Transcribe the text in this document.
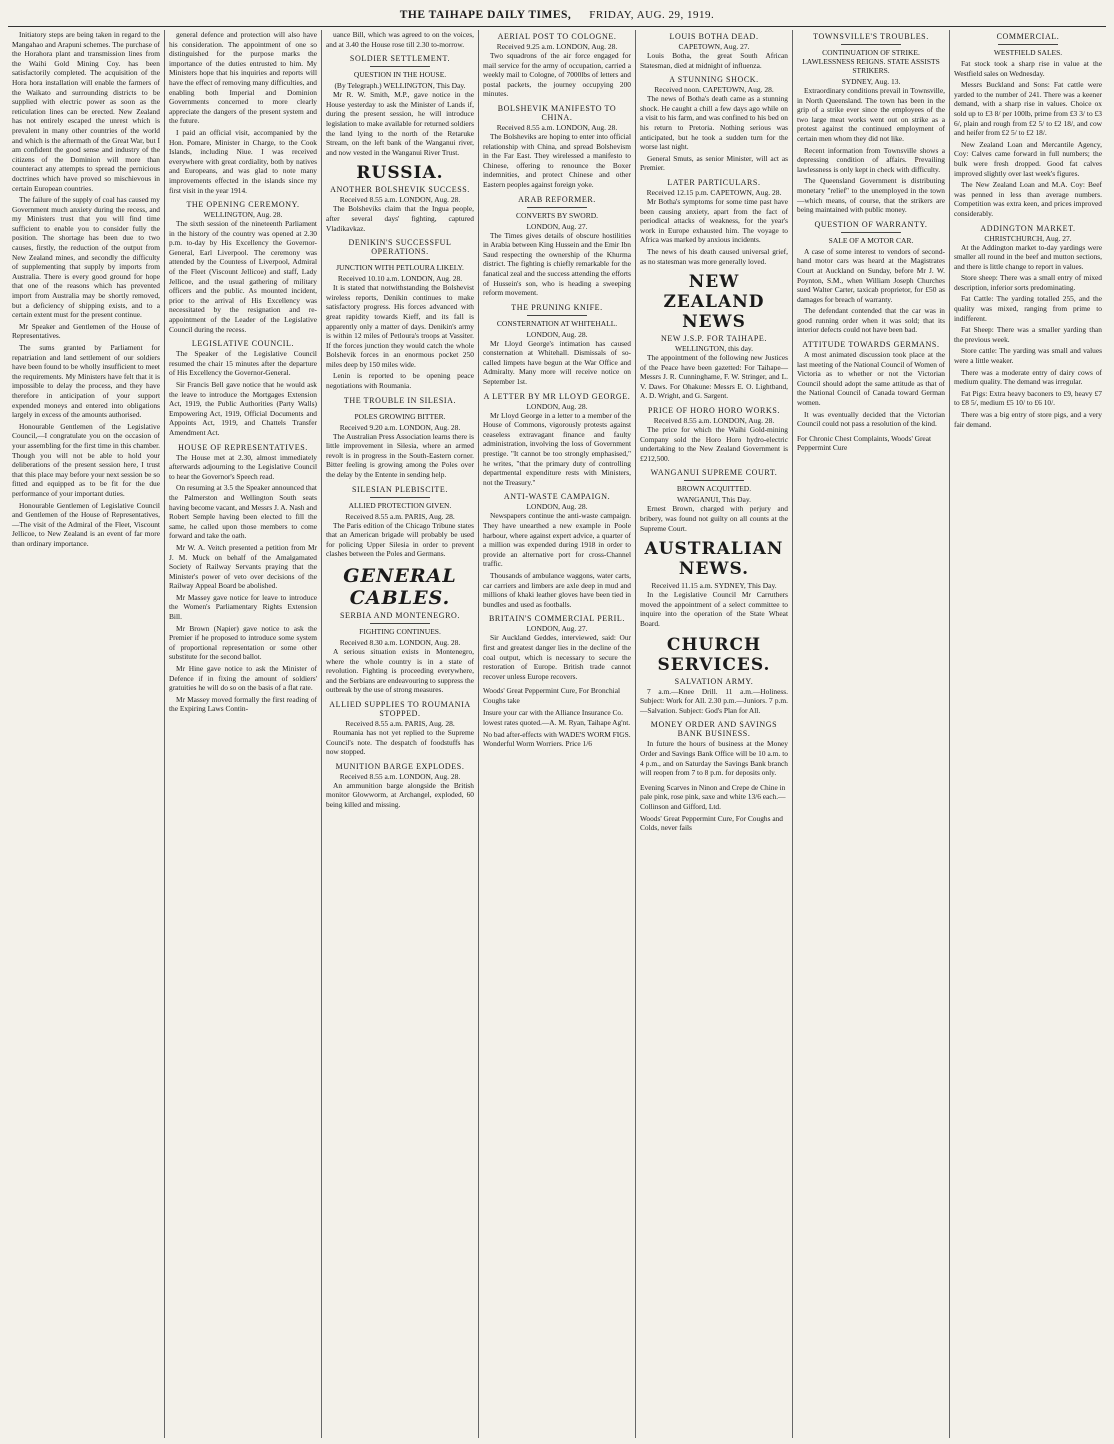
THE TAIHAPE DAILY TIMES, FRIDAY, AUG. 29, 1919.

Initiatory steps are being taken in regard to the Mangahao and Arapuni schemes. The purchase of the Horahora plant and transmission lines from the Waihi Gold Mining Coy. has been satisfactorily completed. The acquisition of the Hora hora installation will enable the farmers of the Waikato and surrounding districts to be supplied with electric power as soon as the reticulation lines can be erected. New Zealand has not entirely escaped the unrest which is prevalent in many other countries of the world and which is the aftermath of the Great War, but I am confident the good sense and industry of the citizens of the Dominion will more than counteract any attempts to spread the pernicious doctrines which have proved so mischievous in certain European countries.

The failure of the supply of coal has caused my Government much anxiety during the recess, and my Ministers trust that you will find time sufficient to enable you to consider fully the position. The shortage has been due to two causes, firstly, the reduction of the output from New Zealand mines, and secondly the difficulty of supplementing that supply by imports from Australia. There is every good ground for hope that one of the reasons which has prevented import from Australia may be shortly removed, but a deficiency of shipping exists, and to a certain extent must for the present continue.

Mr Speaker and Gentlemen of the House of Representatives.

The sums granted by Parliament for repatriation and land settlement of our soldiers have been found to be wholly insufficient to meet the requirements. My Ministers have felt that it is impossible to delay the process, and they have therefore in anticipation of your support expended moneys and entered into obligations largely in excess of the amounts authorised.

Honourable Gentlemen of the Legislative Council,—I congratulate you on the occasion of your assembling for the first time in this chamber. Though you will not be able to hold your deliberations of the present session here, I trust that this place may before your next session be so fitted and equipped as to be fit for the due performance of your important duties.

Honourable Gentlemen of Legislative Council and Gentlemen of the House of Representatives,—The visit of the Admiral of the Fleet, Viscount Jellicoe, to New Zealand is an event of far more than ordinary importance.

general defence and protection will also have his consideration. The appointment of one so distinguished for the purpose marks the importance of the duties entrusted to him. My Ministers hope that his inquiries and reports will have the effect of removing many difficulties, and enabling both Imperial and Dominion Governments concerned to more clearly appreciate the dangers of the present system and the future.

I paid an official visit, accompanied by the Hon. Pomare, Minister in Charge, to the Cook Islands, including Niue. I was received everywhere with great cordiality, both by natives and Europeans, and was glad to note many improvements effected in the islands since my first visit in the year 1914.

THE OPENING CEREMONY.
WELLINGTON, Aug. 28.

The sixth session of the nineteenth Parliament in the history of the country was opened at 2.30 p.m. to-day by His Excellency the Governor-General, Earl Liverpool. The ceremony was attended by the Countess of Liverpool, Admiral of the Fleet (Viscount Jellicoe) and staff, Lady Jellicoe, and the usual gathering of military officers and the public. As mounted incident, prior to the arrival of His Excellency was necessitated by the resignation and re-appointment of the Leader of the Legislative Council during the recess.

LEGISLATIVE COUNCIL.

The Speaker of the Legislative Council resumed the chair 15 minutes after the departure of His Excellency the Governor-General.

Sir Francis Bell gave notice that he would ask the leave to introduce the Mortgages Extension Act, 1919, the Public Authorities (Party Walls) Empowering Act, 1919, Official Documents and Appoints Act, 1919, and Chattels Transfer Amendment Act.

HOUSE OF REPRESENTATIVES.

The House met at 2.30, almost immediately afterwards adjourning to the Legislative Council to hear the Governor's Speech read.

On resuming at 3.5 the Speaker announced that the Palmerston and Wellington South seats having become vacant, and Messrs J. A. Nash and Robert Semple having been elected to fill the same, he called upon those members to come forward and take the oath.

Mr W. A. Veitch presented a petition from Mr J. M. Muck on behalf of the Amalgamated Society of Railway Servants praying that the Minister's power of veto over decisions of the Railway Appeal Board be abolished.

Mr Massey gave notice for leave to introduce the Women's Parliamentary Rights Extension Bill.

Mr Brown (Napier) gave notice to ask the Premier if he proposed to introduce some system of proportional representation or some other substitute for the second ballot.

Mr Hine gave notice to ask the Minister of Defence if in fixing the amount of soldiers' gratuities he will do so on the basis of a flat rate.

Mr Massey moved formally the first reading of the Expiring Laws Contin-

uance Bill, which was agreed to on the voices, and at 3.40 the House rose till 2.30 to-morrow.

SOLDIER SETTLEMENT.
QUESTION IN THE HOUSE.
(By Telegraph.) WELLINGTON, This Day.

Mr R. W. Smith, M.P., gave notice in the House yesterday to ask the Minister of Lands if, during the present session, he will introduce legislation to make available for returned soldiers the land lying to the north of the Retaruke Stream, on the left bank of the Wanganui river, and now vested in the Wanganui River Trust.

RUSSIA.
ANOTHER BOLSHEVIK SUCCESS.
Received 8.55 a.m. LONDON, Aug. 28.

The Bolsheviks claim that the Ingua people, after several days' fighting, captured Vladikavkaz.

DENIKIN'S SUCCESSFUL OPERATIONS.
JUNCTION WITH PETLOURA LIKELY.
Received 10.10 a.m. LONDON, Aug. 28.

It is stated that notwithstanding the Bolshevist wireless reports, Denikin continues to make satisfactory progress. His forces advanced with great rapidity towards Kieff, and its fall is apparently only a matter of days. Denikin's army is within 12 miles of Petloura's troops at Vassiter. If the forces junction they would catch the whole Bolshevik forces in an enormous pocket 250 miles deep by 150 miles wide.

Lenin is reported to be opening peace negotiations with Roumania.

THE TROUBLE IN SILESIA.
POLES GROWING BITTER.
Received 9.20 a.m. LONDON, Aug. 28.

The Australian Press Association learns there is little improvement in Silesia, where an armed revolt is in progress in the South-Eastern corner. Bitter feeling is growing among the Poles over the delay by the Entente in sending help.

SILESIAN PLEBISCITE.
ALLIED PROTECTION GIVEN.
Received 8.55 a.m. PARIS, Aug. 28.

The Paris edition of the Chicago Tribune states that an American brigade will probably be used for policing Upper Silesia in order to prevent clashes between the Poles and Germans.

GENERAL CABLES.
SERBIA AND MONTENEGRO.
FIGHTING CONTINUES.
Received 8.30 a.m. LONDON, Aug. 28.

A serious situation exists in Montenegro, where the whole country is in a state of revolution. Fighting is proceeding everywhere, and the Serbians are endeavouring to suppress the outbreak by the use of strong measures.

ALLIED SUPPLIES TO ROUMANIA STOPPED.
Received 8.55 a.m. PARIS, Aug. 28.

Roumania has not yet replied to the Supreme Council's note. The despatch of foodstuffs has now stopped.

MUNITION BARGE EXPLODES.
Received 8.55 a.m. LONDON, Aug. 28.

An ammunition barge alongside the British monitor Glowworm, at Archangel, exploded, 60 being killed and missing.

AERIAL POST TO COLOGNE.
Received 9.25 a.m. LONDON, Aug. 28.

Two squadrons of the air force engaged for mail service for the army of occupation, carried a weekly mail to Cologne, of 7000lbs of letters and postal packets, the journey occupying 200 minutes.

BOLSHEVIK MANIFESTO TO CHINA.
Received 8.55 a.m. LONDON, Aug. 28.

The Bolsheviks are hoping to enter into official relationship with China, and spread Bolshevism in the Far East. They wirelessed a manifesto to Chinese, offering to renounce the Boxer indemnities, and protect Chinese and other Eastern peoples against foreign yoke.

ARAB REFORMER.
CONVERTS BY SWORD.
LONDON, Aug. 27.

The Times gives details of obscure hostilities in Arabia between King Hussein and the Emir Ibn Saud respecting the ownership of the Khurma district. The fighting is chiefly remarkable for the fanatical zeal and the success attending the efforts of Hussein's son, who is heading a sweeping reform movement.

THE PRUNING KNIFE.
CONSTERNATION AT WHITEHALL.
LONDON, Aug. 28.

Mr Lloyd George's intimation has caused consternation at Whitehall. Dismissals of so-called limpets have begun at the War Office and Admiralty. Many more will receive notice on September 1st.

A LETTER BY MR LLOYD GEORGE.
LONDON, Aug. 28.

Mr Lloyd George in a letter to a member of the House of Commons, vigorously protests against ceaseless extravagant finance and faulty administration, involving the loss of Government prestige. "It cannot be too strongly emphasised," he writes, "that the primary duty of controlling departmental expenditure rests with Ministers, not the Treasury."

ANTI-WASTE CAMPAIGN.
LONDON, Aug. 28.

Newspapers continue the anti-waste campaign. They have unearthed a new example in Poole harbour, where against expert advice, a quarter of a million was expended during 1918 in order to provide an alternative port for cross-Channel traffic.

Thousands of ambulance waggons, water carts, car carriers and limbers are axle deep in mud and millions of khaki leather gloves have been tied in bundles and used as footballs.

BRITAIN'S COMMERCIAL PERIL.
LONDON, Aug. 27.

Sir Auckland Geddes, interviewed, said: Our first and greatest danger lies in the decline of the coal output, which is necessary to secure the restoration of Europe. British trade cannot recover unless Europe recovers.

Woods' Great Peppermint Cure, For Bronchial Coughs take
Insure your car with the Alliance Insurance Co. lowest rates quoted.—A. M. Ryan, Taihape Ag'nt.
No bad after-effects with WADE'S WORM FIGS. Wonderful Worm Worriers. Price 1/6
LOUIS BOTHA DEAD.
CAPETOWN, Aug. 27.

Louis Botha, the great South African Statesman, died at midnight of influenza.

A STUNNING SHOCK.
Received noon. CAPETOWN, Aug. 28.

The news of Botha's death came as a stunning shock. He caught a chill a few days ago while on a visit to his farm, and was confined to his bed on his return to Pretoria. Nothing serious was anticipated, but he took a sudden turn for the worse last night.

General Smuts, as senior Minister, will act as Premier.

LATER PARTICULARS.
Received 12.15 p.m. CAPETOWN, Aug. 28.

Mr Botha's symptoms for some time past have been causing anxiety, apart from the fact of periodical attacks of weakness, for the year's work in Europe exhausted him. The voyage to Africa was marked by anxious incidents.

The news of his death caused universal grief, as no statesman was more generally loved.

NEW ZEALAND NEWS
NEW J.S.P. FOR TAIHAPE.
WELLINGTON, this day.

The appointment of the following new Justices of the Peace have been gazetted: For Taihape—Messrs J. R. Cunninghame, F. W. Stringer, and L. V. Daws. For Ohakune: Messrs E. O. Lightband, A. D. Wright, and G. Sargent.

PRICE OF HORO HORO WORKS.
Received 8.55 a.m. LONDON, Aug. 28.

The price for which the Waihi Gold-mining Company sold the Horo Horo hydro-electric undertaking to the New Zealand Government is £212,500.

WANGANUI SUPREME COURT.
BROWN ACQUITTED.
WANGANUI, This Day.

Ernest Brown, charged with perjury and bribery, was found not guilty on all counts at the Supreme Court.

AUSTRALIAN NEWS.
Received 11.15 a.m. SYDNEY, This Day.

In the Legislative Council Mr Carruthers moved the appointment of a select committee to inquire into the operation of the State Wheat Board.

CHURCH SERVICES.
SALVATION ARMY.

7 a.m.—Knee Drill. 11 a.m.—Holiness. Subject: Work for All. 2.30 p.m.—Juniors. 7 p.m.—Salvation. Subject: God's Plan for All.

MONEY ORDER AND SAVINGS BANK BUSINESS.

In future the hours of business at the Money Order and Savings Bank Office will be 10 a.m. to 4 p.m., and on Saturday the Savings Bank branch will reopen from 7 to 8 p.m. for deposits only.

Evening Scarves in Ninon and Crepe de Chine in pale pink, rose pink, saxe and white 13/6 each.—Collinson and Gifford, Ltd.
Woods' Great Peppermint Cure, For Coughs and Colds, never fails
TOWNSVILLE'S TROUBLES.
CONTINUATION OF STRIKE. LAWLESSNESS REIGNS. STATE ASSISTS STRIKERS.
SYDNEY, Aug. 13.

Extraordinary conditions prevail in Townsville, in North Queensland. The town has been in the grip of a strike ever since the employees of the two large meat works went out on strike as a protest against the continued employment of certain men whom they did not like.

Recent information from Townsville shows a depressing condition of affairs. Prevailing lawlessness is only kept in check with difficulty.

The Queensland Government is distributing monetary "relief" to the unemployed in the town—which means, of course, that the strikers are being maintained with public money.

QUESTION OF WARRANTY.
SALE OF A MOTOR CAR.

A case of some interest to vendors of second-hand motor cars was heard at the Magistrates Court at Auckland on Sunday, before Mr J. W. Poynton, S.M., when William Joseph Churches sued Walter Carter, taxicab proprietor, for £50 as damages for breach of warranty.

The defendant contended that the car was in good running order when it was sold; that its interior defects could not have been bad.

ATTITUDE TOWARDS GERMANS.

A most animated discussion took place at the last meeting of the National Council of Women of Victoria as to whether or not the Victorian Council should adopt the same attitude as that of the National Council of Canada toward German women.

It was eventually decided that the Victorian Council could not pass a resolution of the kind.

For Chronic Chest Complaints, Woods' Great Peppermint Cure
COMMERCIAL.
WESTFIELD SALES.

Fat stock took a sharp rise in value at the Westfield sales on Wednesday.

Messrs Buckland and Sons: Fat cattle were yarded to the number of 241. There was a keener demand, with a sharp rise in values. Choice ox sold up to £3 8/ per 100lb, prime from £3 3/ to £3 6/, plain and rough from £2 5/ to £2 18/, and cow and heifer from £2 5/ to £2 18/.

New Zealand Loan and Mercantile Agency, Coy: Calves came forward in full numbers; the bulk were fresh dropped. Good fat calves improved slightly over last week's figures.

The New Zealand Loan and M.A. Coy: Beef was penned in less than average numbers. Competition was extra keen, and prices improved considerably.

ADDINGTON MARKET.
CHRISTCHURCH, Aug. 27.

At the Addington market to-day yardings were smaller all round in the beef and mutton sections, and there is little change to report in values.

Store sheep: There was a small entry of mixed description, inferior sorts predominating.

Fat Cattle: The yarding totalled 255, and the quality was mixed, ranging from prime to indifferent.

Fat Sheep: There was a smaller yarding than the previous week.

Store cattle: The yarding was small and values were a little weaker.

There was a moderate entry of dairy cows of medium quality. The demand was irregular.

Fat Pigs: Extra heavy baconers to £9, heavy £7 to £8 5/, medium £5 10/ to £6 10/.

There was a big entry of store pigs, and a very fair demand.
